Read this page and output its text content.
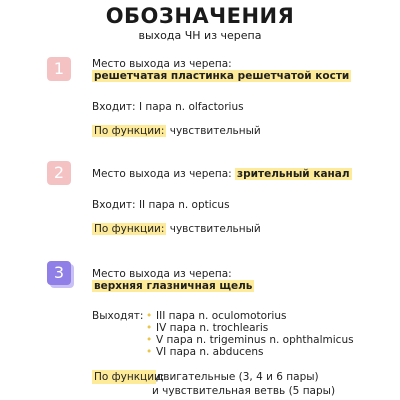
ОБОЗНАЧЕНИЯ
выхода ЧН из черепа
1	Место выхода из черепа:
решетчатая пластинка решетчатой кости
Входит: I пара n. olfactorius
По функции: чувствительный
2	Место выхода из черепа: зрительный канал
Входит: II пара n. opticus
По функции: чувствительный
3	Место выхода из черепа:
верхняя глазничная щель
Выходят: • III пара n. oculomotorius
• IV пара n. trochlearis
• V пара n. trigeminus n. ophthalmicus
• VI пара n. abducens
По функции:двигательные (3, 4 и 6 пары)
и чувствительная ветвь (5 пары)
